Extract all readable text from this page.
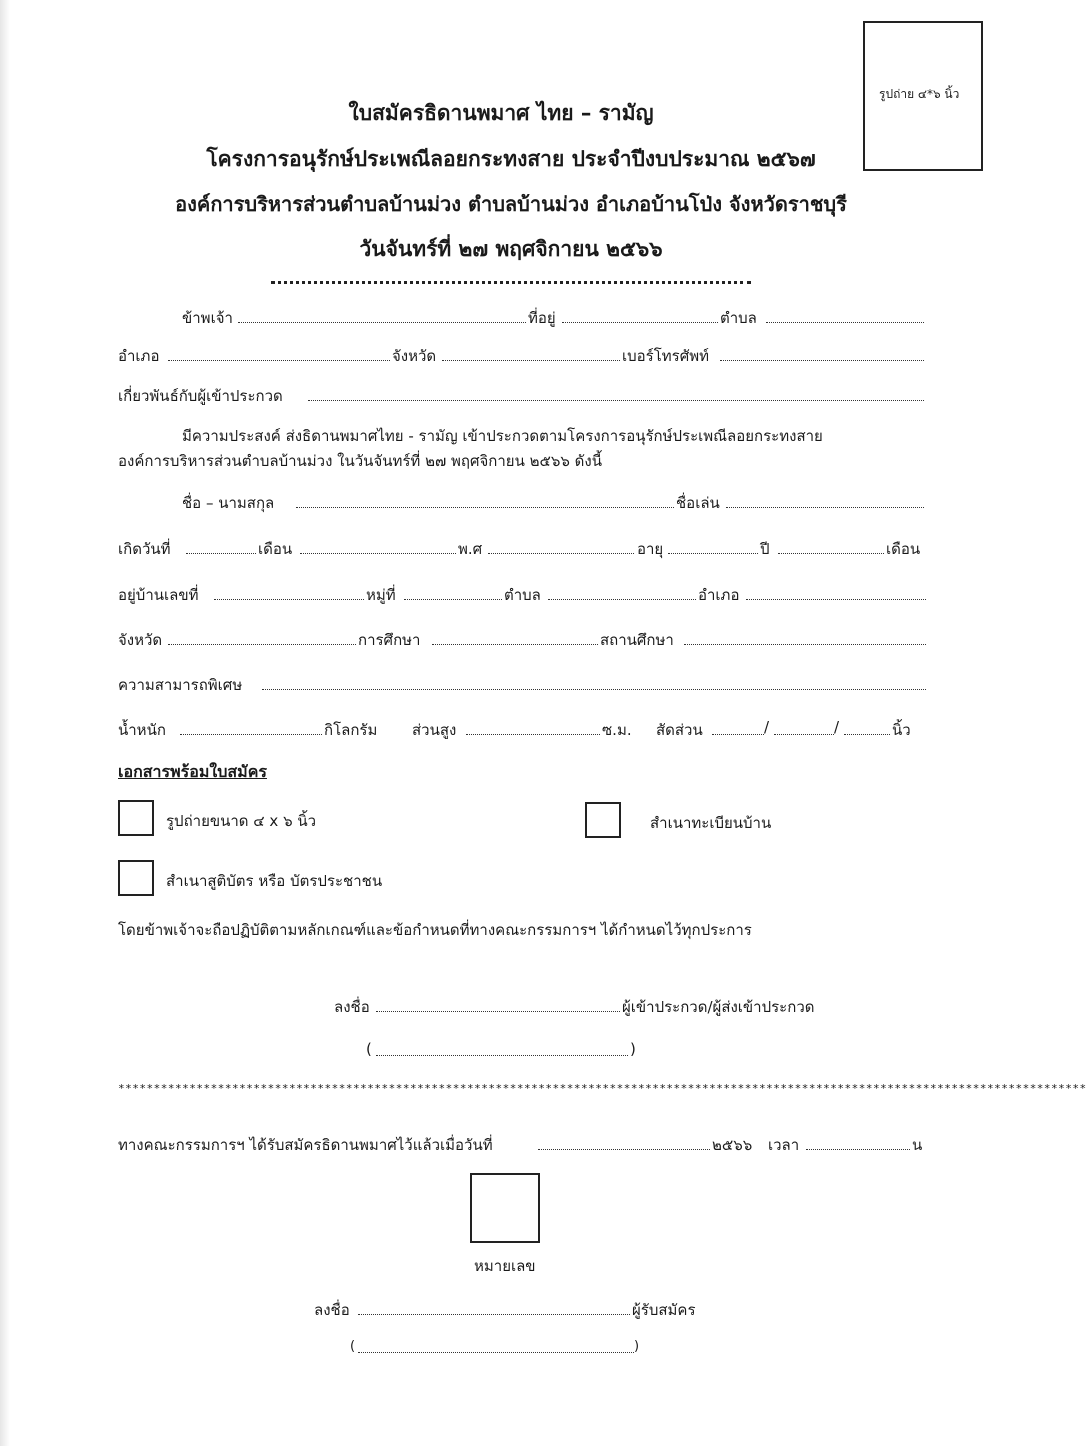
รูปถ่าย ๔*๖ นิ้ว
ใบสมัครธิดานพมาศ ไทย – รามัญ
โครงการอนุรักษ์ประเพณีลอยกระทงสาย ประจำปีงบประมาณ ๒๕๖๗
องค์การบริหารส่วนตำบลบ้านม่วง ตำบลบ้านม่วง อำเภอบ้านโป่ง จังหวัดราชบุรี
วันจันทร์ที่ ๒๗ พฤศจิกายน ๒๕๖๖
ข้าพเจ้า	ที่อยู่	ตำบล
อำเภอ	จังหวัด	เบอร์โทรศัพท์
เกี่ยวพันธ์กับผู้เข้าประกวด
มีความประสงค์ ส่งธิดานพมาศไทย - รามัญ เข้าประกวดตามโครงการอนุรักษ์ประเพณีลอยกระทงสาย
องค์การบริหารส่วนตำบลบ้านม่วง ในวันจันทร์ที่ ๒๗ พฤศจิกายน ๒๕๖๖ ดังนี้
ชื่อ – นามสกุล	ชื่อเล่น
เกิดวันที่	เดือน	พ.ศ	อายุ	ปี	เดือน
อยู่บ้านเลขที่	หมู่ที่	ตำบล	อำเภอ
จังหวัด	การศึกษา	สถานศึกษา
ความสามารถพิเศษ
น้ำหนัก	กิโลกรัม ส่วนสูง	ซ.ม. สัดส่วน	/	/	นิ้ว
เอกสารพร้อมใบสมัคร
รูปถ่ายขนาด ๔ x ๖ นิ้ว	สำเนาทะเบียนบ้าน
สำเนาสูติบัตร หรือ บัตรประชาชน
โดยข้าพเจ้าจะถือปฏิบัติตามหลักเกณฑ์และข้อกำหนดที่ทางคณะกรรมการฯ ได้กำหนดไว้ทุกประการ
ลงชื่อ	ผู้เข้าประกวด/ผู้ส่งเข้าประกวด
(	)
****************************************************************************************************************************************
ทางคณะกรรมการฯ ได้รับสมัครธิดานพมาศไว้แล้วเมื่อวันที่	๒๕๖๖ เวลา	น
หมายเลข
ลงชื่อ	ผู้รับสมัคร
(	)
